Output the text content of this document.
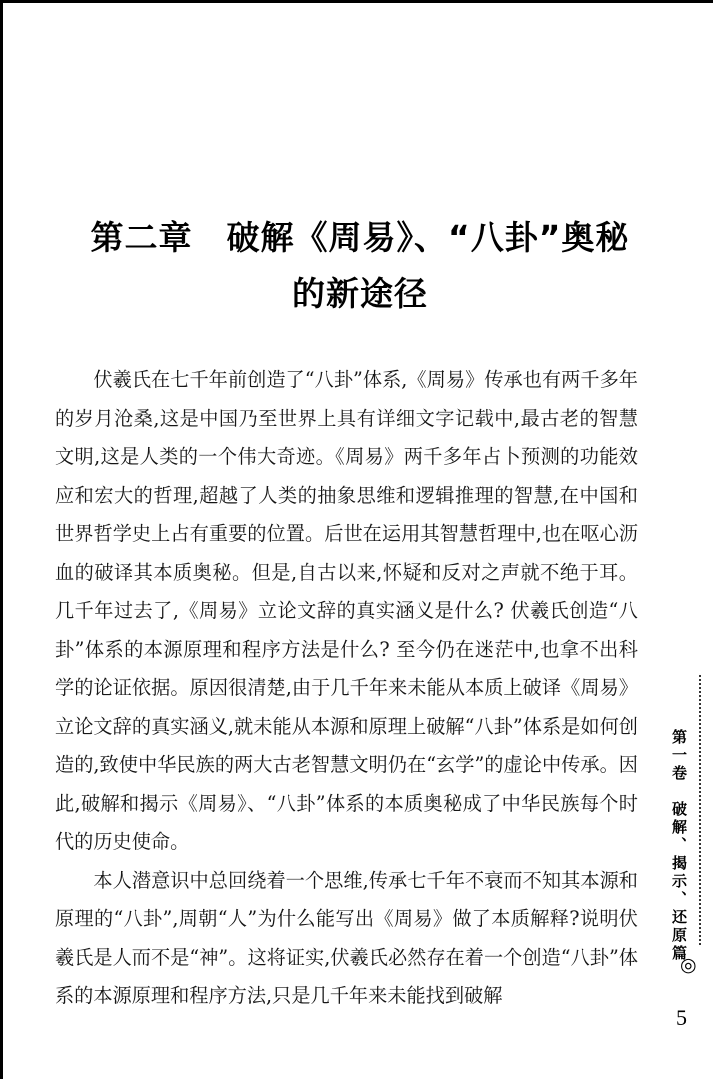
第二章　破解《周易》、“八卦”奥秘
的新途径

伏羲氏在七千年前创造了“八卦”体系,《周易》传承也有两千多年的岁月沧桑,这是中国乃至世界上具有详细文字记载中,最古老的智慧文明,这是人类的一个伟大奇迹。《周易》两千多年占卜预测的功能效应和宏大的哲理,超越了人类的抽象思维和逻辑推理的智慧,在中国和世界哲学史上占有重要的位置。后世在运用其智慧哲理中,也在呕心沥血的破译其本质奥秘。但是,自古以来,怀疑和反对之声就不绝于耳。几千年过去了,《周易》立论文辞的真实涵义是什么? 伏羲氏创造“八卦”体系的本源原理和程序方法是什么? 至今仍在迷茫中,也拿不出科学的论证依据。原因很清楚,由于几千年来未能从本质上破译《周易》立论文辞的真实涵义,就未能从本源和原理上破解“八卦”体系是如何创造的,致使中华民族的两大古老智慧文明仍在“玄学”的虚论中传承。因此,破解和揭示《周易》、“八卦”体系的本质奥秘成了中华民族每个时代的历史使命。

本人潜意识中总回绕着一个思维,传承七千年不衰而不知其本源和原理的“八卦”,周朝“人”为什么能写出《周易》做了本质解释?说明伏羲氏是人而不是“神”。这将证实,伏羲氏必然存在着一个创造“八卦”体系的本源原理和程序方法,只是几千年来未能找到破解

第一卷　破解、揭示、还原篇
◎
5
